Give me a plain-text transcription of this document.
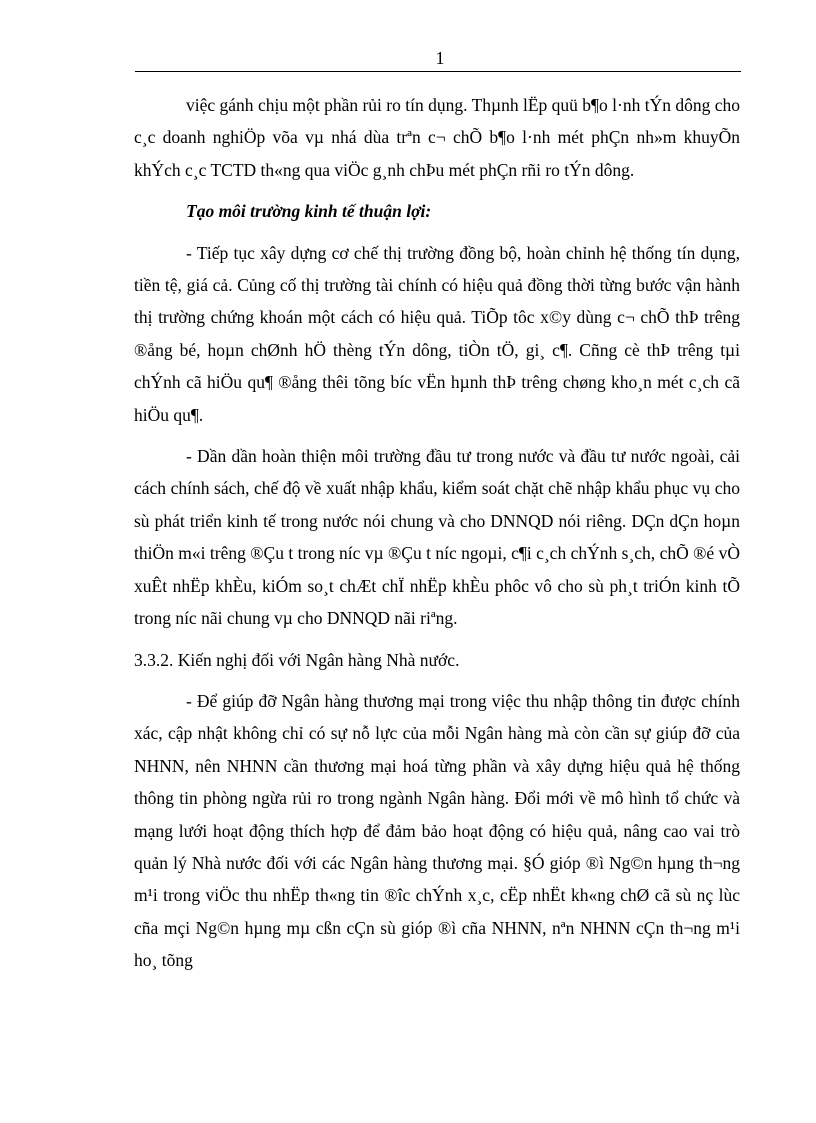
1

việc gánh chịu một phần rủi ro tín dụng. Thµnh lËp quü b¶o l·nh tÝn dông cho c¸c doanh nghiÖp võa vµ nhá dùa trªn c¬ chÕ b¶o l·nh mét phÇn nh»m khuyÕn khÝch c¸c TCTD th«ng qua viÖc g¸nh chÞu mét phÇn rñi ro tÝn dông.

Tạo môi trường kinh tế thuận lợi:

- Tiếp tục xây dựng cơ chế thị trường đồng bộ, hoàn chỉnh hệ thống tín dụng, tiền tệ, giá cả. Củng cố thị trường tài chính có hiệu quả đồng thời từng bước vận hành thị trường chứng khoán một cách có hiệu quả. TiÕp tôc x©y dùng c¬ chÕ thÞ trêng ®ång bé, hoµn chØnh hÖ thèng tÝn dông, tiÒn tÖ, gi¸ c¶. Cñng cè thÞ trêng tµi chÝnh cã hiÖu qu¶ ®ång thêi tõng bíc vËn hµnh thÞ trêng chøng kho¸n mét c¸ch cã hiÖu qu¶.

- Dần dần hoàn thiện môi trường đầu tư trong nước và đầu tư nước ngoài, cải cách chính sách, chế độ về xuất nhập khẩu, kiểm soát chặt chẽ nhập khẩu phục vụ cho sù phát triển kinh tế trong nước nói chung và cho DNNQD nói riêng. DÇn dÇn hoµn thiÖn m«i trêng ®Çu t trong níc vµ ®Çu t níc ngoµi, c¶i c¸ch chÝnh s¸ch, chÕ ®é vÒ xuÊt nhËp khÈu, kiÓm so¸t chÆt chÏ nhËp khÈu phôc vô cho sù ph¸t triÓn kinh tÕ trong níc nãi chung vµ cho DNNQD nãi riªng.

3.3.2. Kiến nghị đối với Ngân hàng Nhà nước.

- Để giúp đỡ Ngân hàng thương mại trong việc thu nhập thông tin được chính xác, cập nhật không chỉ có sự nỗ lực của mỗi Ngân hàng mà còn cần sự giúp đỡ của NHNN, nên NHNN cần thương mại hoá từng phần và xây dựng hiệu quả hệ thống thông tin phòng ngừa rủi ro trong ngành Ngân hàng. Đổi mới về mô hình tổ chức và mạng lưới hoạt động thích hợp để đảm bảo hoạt động có hiệu quả, nâng cao vai trò quản lý Nhà nước đối với các Ngân hàng thương mại. §Ó gióp ®ì Ng©n hµng th¬ng m¹i trong viÖc thu nhËp th«ng tin ®îc chÝnh x¸c, cËp nhËt kh«ng chØ cã sù nç lùc cña mçi Ng©n hµng mµ cßn cÇn sù gióp ®ì cña NHNN, nªn NHNN cÇn th¬ng m¹i ho¸ tõng
